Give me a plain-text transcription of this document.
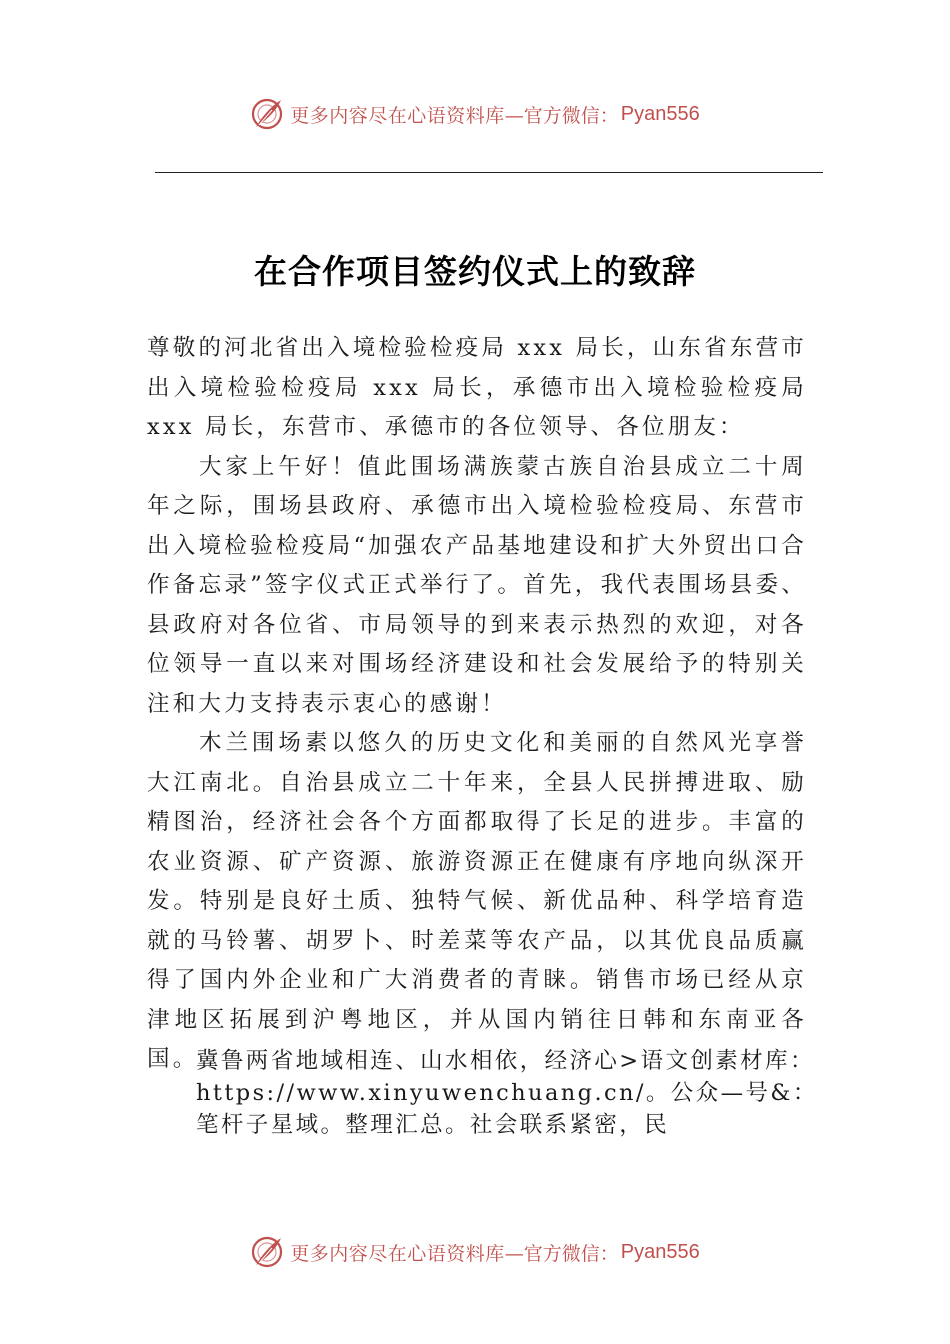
更多内容尽在心语资料库 —官方微信： Pyan556
在合作项目签约仪式上的致辞

尊敬的河北省出入境检验检疫局 xxx 局长，山东省东营市出入境检验检疫局 xxx 局长，承德市出入境检验检疫局 xxx 局长，东营市、承德市的各位领导、各位朋友：

大家上午好！值此围场满族蒙古族自治县成立二十周年之际，围场县政府、承德市出入境检验检疫局、东营市出入境检验检疫局“加强农产品基地建设和扩大外贸出口合作备忘录”签字仪式正式举行了。首先，我代表围场县委、县政府对各位省、市局领导的到来表示热烈的欢迎，对各位领导一直以来对围场经济建设和社会发展给予的特别关注和大力支持表示衷心的感谢！

木兰围场素以悠久的历史文化和美丽的自然风光享誉大江南北。自治县成立二十年来，全县人民拼搏进取、励精图治，经济社会各个方面都取得了长足的进步。丰富的农业资源、矿产资源、旅游资源正在健康有序地向纵深开发。特别是良好土质、独特气候、新优品种、科学培育造就的马铃薯、胡罗卜、时差菜等农产品，以其优良品质赢得了国内外企业和广大消费者的青睐。销售市场已经从京津地区拓展到沪粤地区，并从国内销往日韩和东南亚各国。

冀鲁两省地域相连、山水相依，经济心>语文创素材库：https://www.xinyuwenchuang.cn/。公众—号&：笔杆子星域。整理汇总。社会联系紧密，民

更多内容尽在心语资料库 —官方微信： Pyan556
